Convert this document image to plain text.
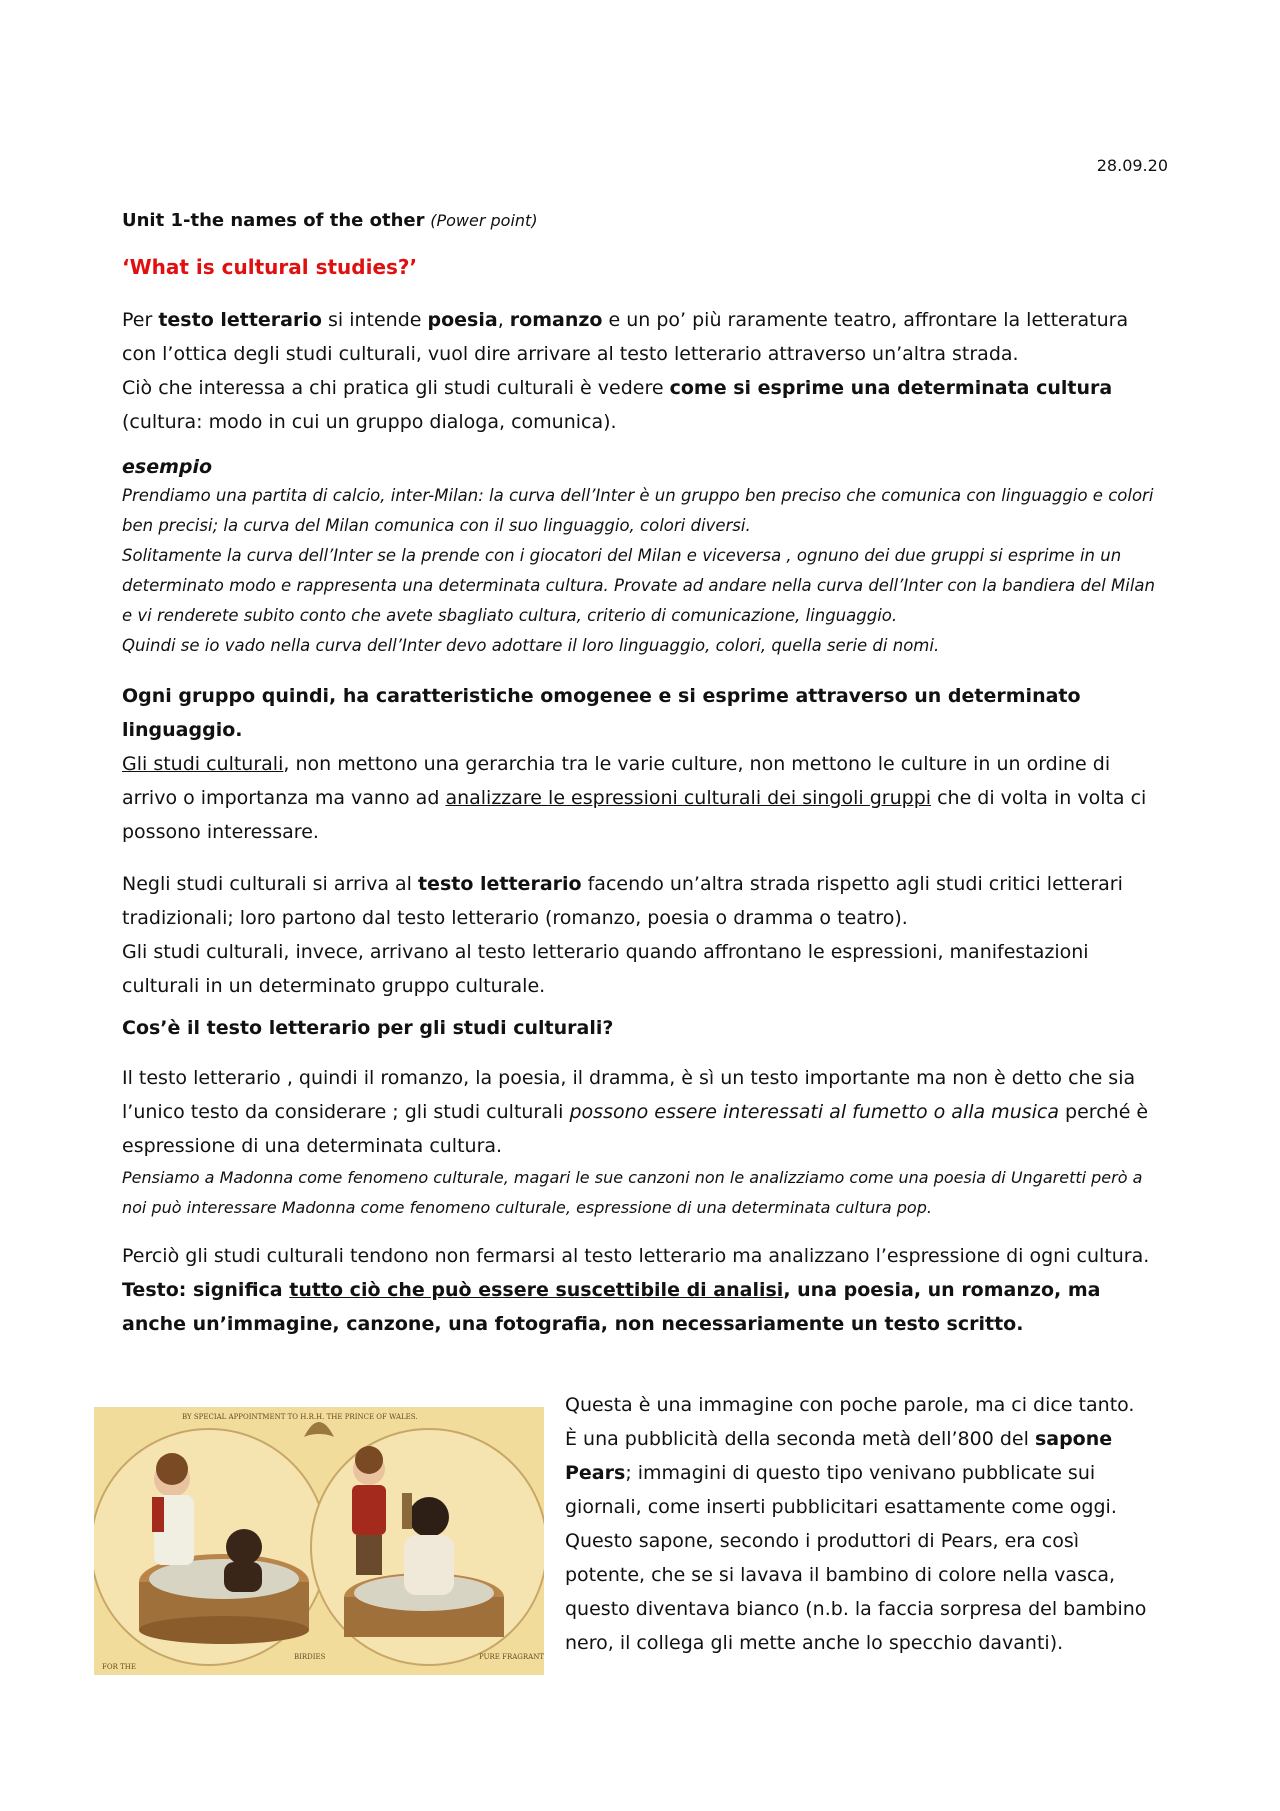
28.09.20

Unit 1-the names of the other (Power point)

‘What is cultural studies?’

Per testo letterario si intende poesia, romanzo e un po’ più raramente teatro, affrontare la letteratura con l’ottica degli studi culturali, vuol dire arrivare al testo letterario attraverso un’altra strada.
Ciò che interessa a chi pratica gli studi culturali è vedere come si esprime una determinata cultura
(cultura: modo in cui un gruppo dialoga, comunica).

esempio
Prendiamo una partita di calcio, inter-Milan: la curva dell’Inter è un gruppo ben preciso che comunica con linguaggio e colori ben precisi; la curva del Milan comunica con il suo linguaggio, colori diversi.
Solitamente la curva dell’Inter se la prende con i giocatori del Milan e viceversa , ognuno dei due gruppi si esprime in un determinato modo e rappresenta una determinata cultura. Provate ad andare nella curva dell’Inter con la bandiera del Milan e vi renderete subito conto che avete sbagliato cultura, criterio di comunicazione, linguaggio.
Quindi se io vado nella curva dell’Inter devo adottare il loro linguaggio, colori, quella serie di nomi.

Ogni gruppo quindi, ha caratteristiche omogenee e si esprime attraverso un determinato linguaggio.
Gli studi culturali, non mettono una gerarchia tra le varie culture, non mettono le culture in un ordine di arrivo o importanza ma vanno ad analizzare le espressioni culturali dei singoli gruppi che di volta in volta ci possono interessare.

Negli studi culturali si arriva al testo letterario facendo un’altra strada rispetto agli studi critici letterari tradizionali; loro partono dal testo letterario (romanzo, poesia o dramma o teatro).
Gli studi culturali, invece, arrivano al testo letterario quando affrontano le espressioni, manifestazioni culturali in un determinato gruppo culturale.

Cos’è il testo letterario per gli studi culturali?

Il testo letterario , quindi il romanzo, la poesia, il dramma, è sì un testo importante ma non è detto che sia l’unico testo da considerare ; gli studi culturali possono essere interessati al fumetto o alla musica perché è espressione di una determinata cultura.

Pensiamo a Madonna come fenomeno culturale, magari le sue canzoni non le analizziamo come una poesia di Ungaretti però a noi può interessare Madonna come fenomeno culturale, espressione di una determinata cultura pop.

Perciò gli studi culturali tendono non fermarsi al testo letterario ma analizzano l’espressione di ogni cultura.
Testo: significa tutto ciò che può essere suscettibile di analisi, una poesia, un romanzo, ma anche un’immagine, canzone, una fotografia, non necessariamente un testo scritto.

BY SPECIAL APPOINTMENT TO H.R.H. THE PRINCE OF WALES.
FOR THE
BIRDIES	PURE FRAGRANT
Questa è una immagine con poche parole, ma ci dice tanto.
È una pubblicità della seconda metà dell’800 del sapone Pears; immagini di questo tipo venivano pubblicate sui giornali, come inserti pubblicitari esattamente come oggi. Questo sapone, secondo i produttori di Pears, era così potente, che se si lavava il bambino di colore nella vasca, questo diventava bianco (n.b. la faccia sorpresa del bambino nero, il collega gli mette anche lo specchio davanti).
